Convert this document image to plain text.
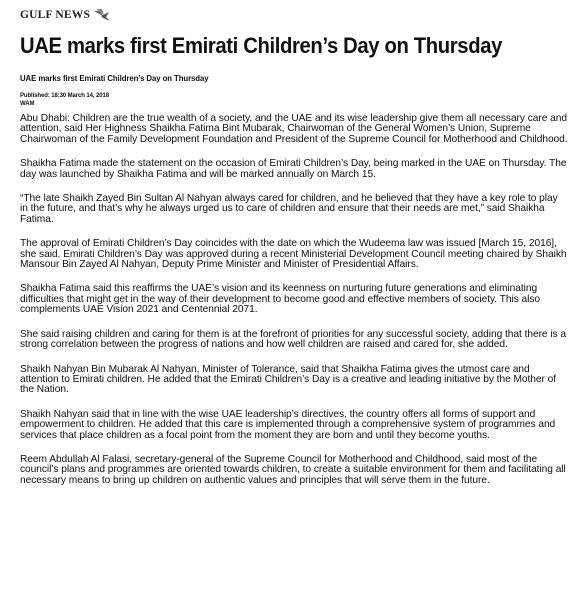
GULF NEWS
UAE marks first Emirati Children’s Day on Thursday
UAE marks first Emirati Children’s Day on Thursday
Published: 18:30 March 14, 2018
WAM

Abu Dhabi: Children are the true wealth of a society, and the UAE and its wise leadership give them all necessary care and attention, said Her Highness Shaikha Fatima Bint Mubarak, Chairwoman of the General Women’s Union, Supreme Chairwoman of the Family Development Foundation and President of the Supreme Council for Motherhood and Childhood.

Shaikha Fatima made the statement on the occasion of Emirati Children’s Day, being marked in the UAE on Thursday. The day was launched by Shaikha Fatima and will be marked annually on March 15.

“The late Shaikh Zayed Bin Sultan Al Nahyan always cared for children, and he believed that they have a key role to play in the future, and that’s why he always urged us to care of children and ensure that their needs are met,” said Shaikha Fatima.

The approval of Emirati Children’s Day coincides with the date on which the Wudeema law was issued [March 15, 2016], she said. Emirati Children’s Day was approved during a recent Ministerial Development Council meeting chaired by Shaikh Mansour Bin Zayed Al Nahyan, Deputy Prime Minister and Minister of Presidential Affairs.

Shaikha Fatima said this reaffirms the UAE’s vision and its keenness on nurturing future generations and eliminating difficulties that might get in the way of their development to become good and effective members of society. This also complements UAE Vision 2021 and Centennial 2071.

She said raising children and caring for them is at the forefront of priorities for any successful society, adding that there is a strong correlation between the progress of nations and how well children are raised and cared for, she added.

Shaikh Nahyan Bin Mubarak Al Nahyan, Minister of Tolerance, said that Shaikha Fatima gives the utmost care and attention to Emirati children. He added that the Emirati Children’s Day is a creative and leading initiative by the Mother of the Nation.

Shaikh Nahyan said that in line with the wise UAE leadership’s directives, the country offers all forms of support and empowerment to children. He added that this care is implemented through a comprehensive system of programmes and services that place children as a focal point from the moment they are born and until they become youths.

Reem Abdullah Al Falasi, secretary-general of the Supreme Council for Motherhood and Childhood, said most of the council’s plans and programmes are oriented towards children, to create a suitable environment for them and facilitating all necessary means to bring up children on authentic values and principles that will serve them in the future.
